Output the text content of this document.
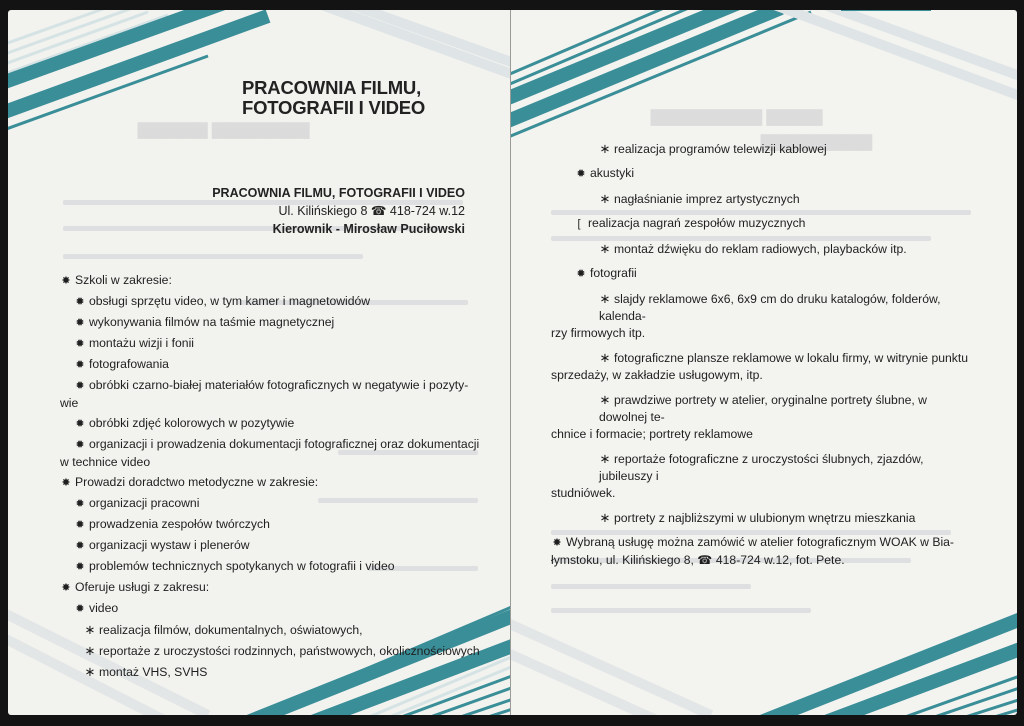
▆▆▆▆▆▆▆ ▆▆▆▆▆
PRACOWNIA FILMU,
FOTOGRAFII I VIDEO
PRACOWNIA FILMU, FOTOGRAFII I VIDEO
Ul. Kilińskiego 8 ☎ 418-724 w.12
Kierownik - Mirosław Puciłowski
✸ Szkoli w zakresie:
✹ obsługi sprzętu video, w tym kamer i magnetowidów
✹ wykonywania filmów na taśmie magnetycznej
✹ montażu wizji i fonii
✹ fotografowania
✹ obróbki czarno-białej materiałów fotograficznych w negatywie i pozyty-
wie
✹ obróbki zdjęć kolorowych w pozytywie
✹ organizacji i prowadzenia dokumentacji fotograficznej oraz dokumentacji
w technice video
✸ Prowadzi doradctwo metodyczne w zakresie:
✹ organizacji pracowni
✹ prowadzenia zespołów twórczych
✹ organizacji wystaw i plenerów
✹ problemów technicznych spotykanych w fotografii i video
✸ Oferuje usługi z zakresu:
✹ video
∗ realizacja filmów, dokumentalnych, oświatowych,
∗ reportaże z uroczystości rodzinnych, państwowych, okolicznościowych
∗ montaż VHS, SVHS
▆▆▆▆ ▆▆▆▆▆▆▆▆
▆▆▆▆▆▆▆▆
∗ realizacja programów telewizji kablowej
✹ akustyki
∗ nagłaśnianie imprez artystycznych
[ realizacja nagrań zespołów muzycznych
∗ montaż dźwięku do reklam radiowych, playbacków itp.
✹ fotografii
∗ slajdy reklamowe 6x6, 6x9 cm do druku katalogów, folderów, kalenda-
rzy firmowych itp.
∗ fotograficzne plansze reklamowe w lokalu firmy, w witrynie punktu
sprzedaży, w zakładzie usługowym, itp.
∗ prawdziwe portrety w atelier, oryginalne portrety ślubne, w dowolnej te-
chnice i formacie; portrety reklamowe
∗ reportaże fotograficzne z uroczystości ślubnych, zjazdów, jubileuszy i
studniówek.
∗ portrety z najbliższymi w ulubionym wnętrzu mieszkania
✸ Wybraną usługę można zamówić w atelier fotograficznym WOAK w Bia-
łymstoku, ul. Kilińskiego 8, ☎ 418-724 w.12, fot. Pete.
